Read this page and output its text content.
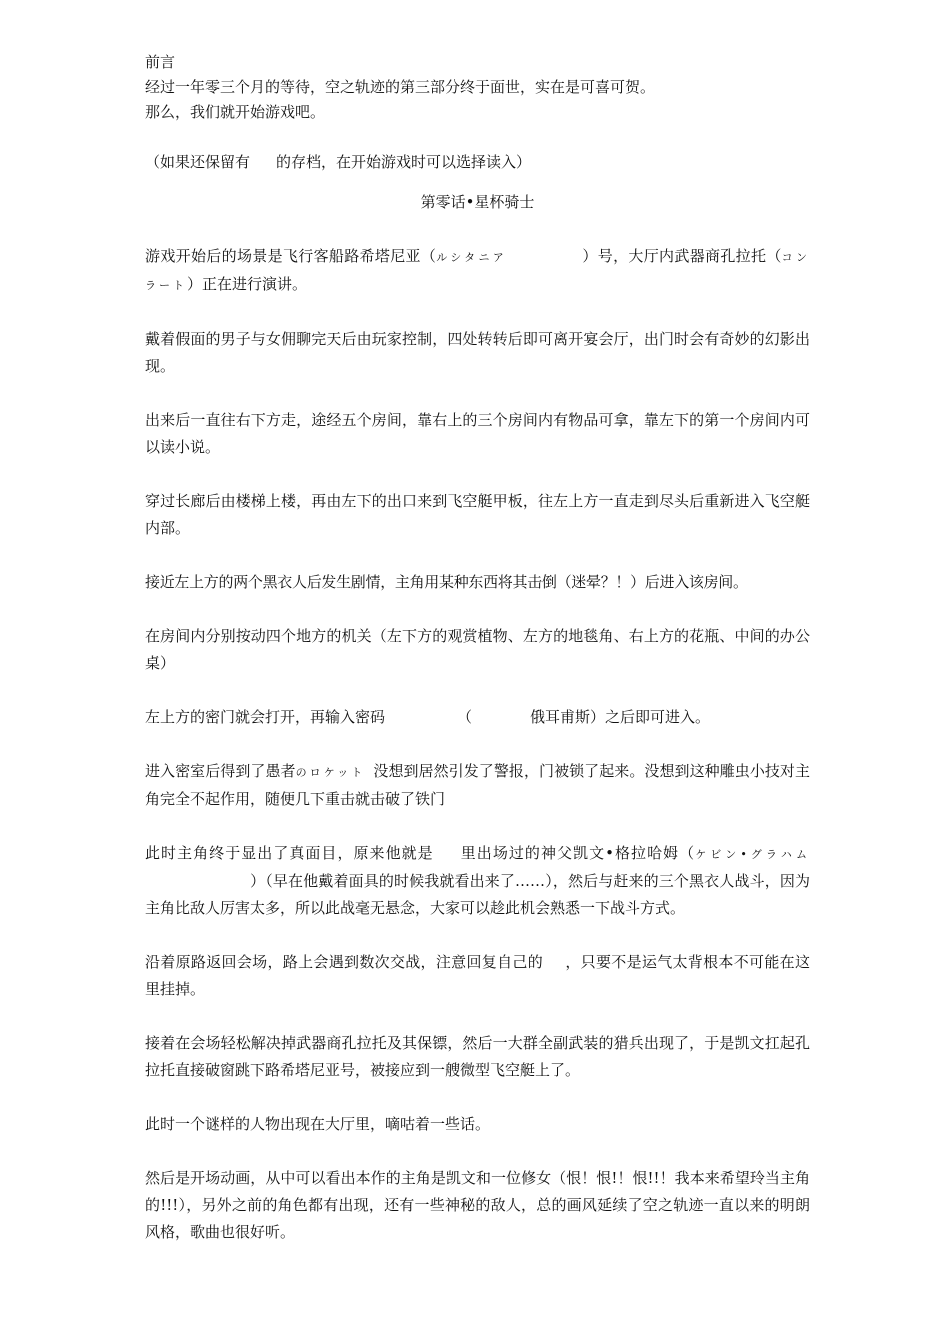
前言

经过一年零三个月的等待，空之轨迹的第三部分终于面世，实在是可喜可贺。

那么，我们就开始游戏吧。

（如果还保留有 的存档，在开始游戏时可以选择读入）

第零话•星杯骑士

游戏开始后的场景是飞行客船路希塔尼亚（ルシタニア	）号，大厅内武器商孔拉托（コンラート）正在进行演讲。

戴着假面的男子与女佣聊完天后由玩家控制，四处转转后即可离开宴会厅，出门时会有奇妙的幻影出现。

出来后一直往右下方走，途经五个房间，靠右上的三个房间内有物品可拿，靠左下的第一个房间内可以读小说。

穿过长廊后由楼梯上楼，再由左下的出口来到飞空艇甲板，往左上方一直走到尽头后重新进入飞空艇内部。

接近左上方的两个黑衣人后发生剧情，主角用某种东西将其击倒（迷晕？！）后进入该房间。

在房间内分别按动四个地方的机关（左下方的观赏植物、左方的地毯角、右上方的花瓶、中间的办公桌）

左上方的密门就会打开，再输入密码	（	俄耳甫斯）之后即可进入。

进入密室后得到了愚者のロケット 没想到居然引发了警报，门被锁了起来。没想到这种雕虫小技对主角完全不起作用，随便几下重击就击破了铁门

此时主角终于显出了真面目，原来他就是 里出场过的神父凯文•格拉哈姆（ケビン•グラハム）（早在他戴着面具的时候我就看出来了……），然后与赶来的三个黑衣人战斗，因为主角比敌人厉害太多，所以此战毫无悬念，大家可以趁此机会熟悉一下战斗方式。

沿着原路返回会场，路上会遇到数次交战，注意回复自己的 ，只要不是运气太背根本不可能在这里挂掉。

接着在会场轻松解决掉武器商孔拉托及其保镖，然后一大群全副武装的猎兵出现了，于是凯文扛起孔拉托直接破窗跳下路希塔尼亚号，被接应到一艘微型飞空艇上了。

此时一个谜样的人物出现在大厅里，嘀咕着一些话。

然后是开场动画，从中可以看出本作的主角是凯文和一位修女（恨！恨!！恨!!！我本来希望玲当主角的!!!），另外之前的角色都有出现，还有一些神秘的敌人，总的画风延续了空之轨迹一直以来的明朗风格，歌曲也很好听。
